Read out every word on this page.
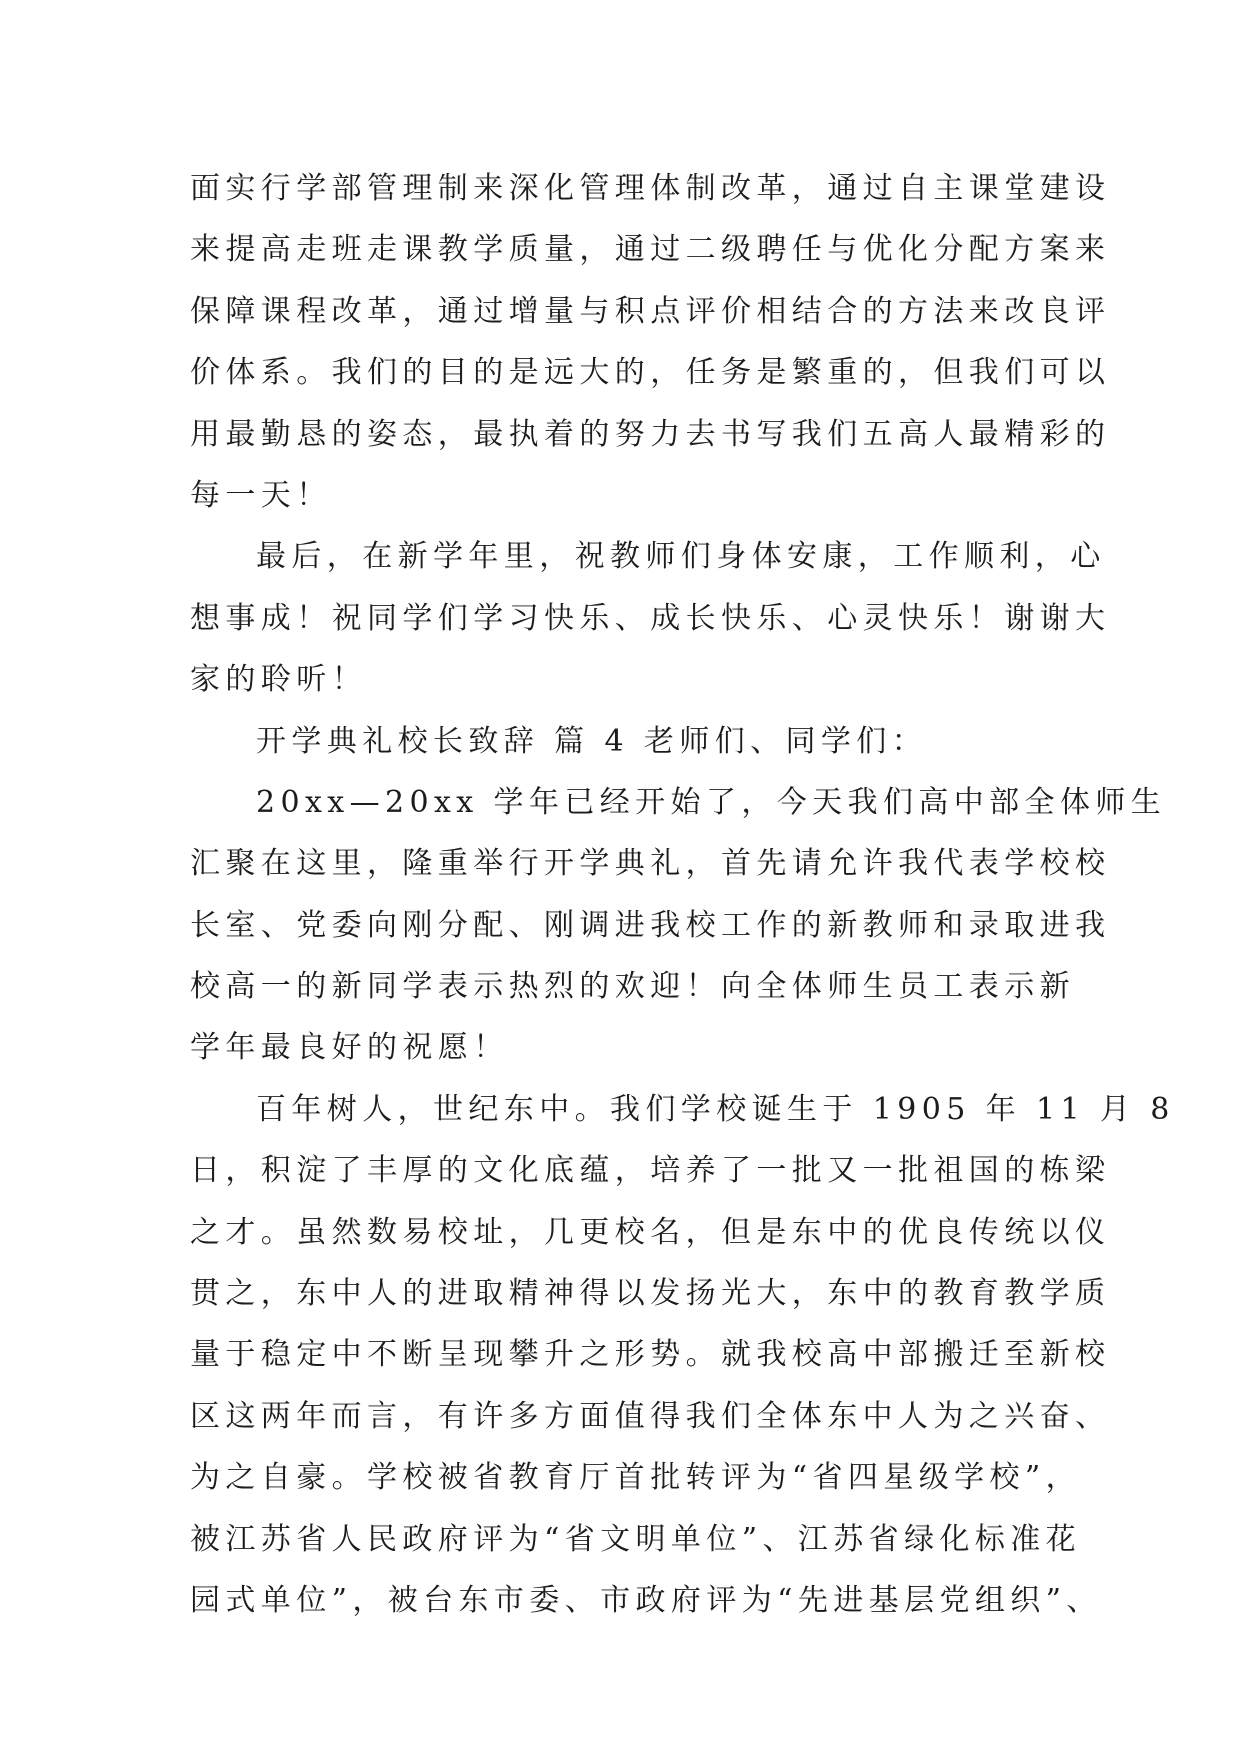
面实行学部管理制来深化管理体制改革，通过自主课堂建设
来提高走班走课教学质量，通过二级聘任与优化分配方案来
保障课程改革，通过增量与积点评价相结合的方法来改良评
价体系。我们的目的是远大的，任务是繁重的，但我们可以
用最勤恳的姿态，最执着的努力去书写我们五高人最精彩的
每一天！
最后，在新学年里，祝教师们身体安康，工作顺利，心
想事成！祝同学们学习快乐、成长快乐、心灵快乐！谢谢大
家的聆听！
开学典礼校长致辞 篇 4 老师们、同学们：
20xx—20xx 学年已经开始了，今天我们高中部全体师生
汇聚在这里，隆重举行开学典礼，首先请允许我代表学校校
长室、党委向刚分配、刚调进我校工作的新教师和录取进我
校高一的新同学表示热烈的欢迎！向全体师生员工表示新
学年最良好的祝愿！
百年树人，世纪东中。我们学校诞生于 1905 年 11 月 8
日，积淀了丰厚的文化底蕴，培养了一批又一批祖国的栋梁
之才。虽然数易校址，几更校名，但是东中的优良传统以仪
贯之，东中人的进取精神得以发扬光大，东中的教育教学质
量于稳定中不断呈现攀升之形势。就我校高中部搬迁至新校
区这两年而言，有许多方面值得我们全体东中人为之兴奋、
为之自豪。学校被省教育厅首批转评为“省四星级学校”，
被江苏省人民政府评为“省文明单位”、江苏省绿化标准花
园式单位”，被台东市委、市政府评为“先进基层党组织”、
